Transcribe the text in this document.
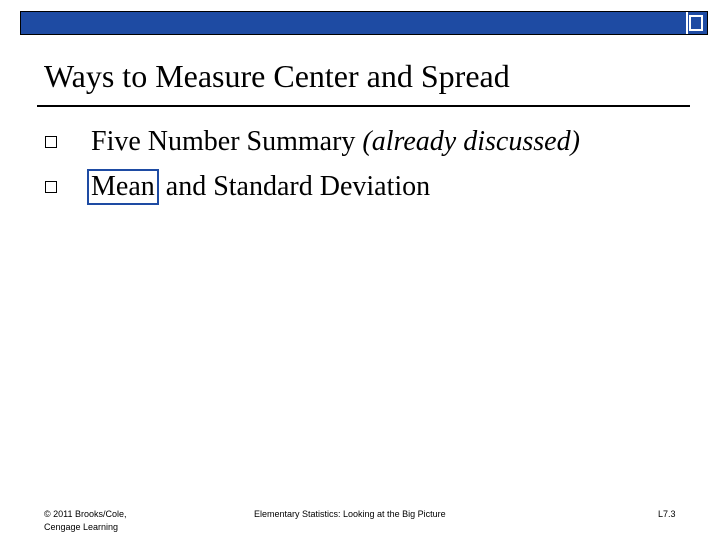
Ways to Measure Center and Spread
Five Number Summary (already discussed)
Mean and Standard Deviation
© 2011 Brooks/Cole,
Cengage Learning
Elementary Statistics: Looking at the Big Picture	L7.3
